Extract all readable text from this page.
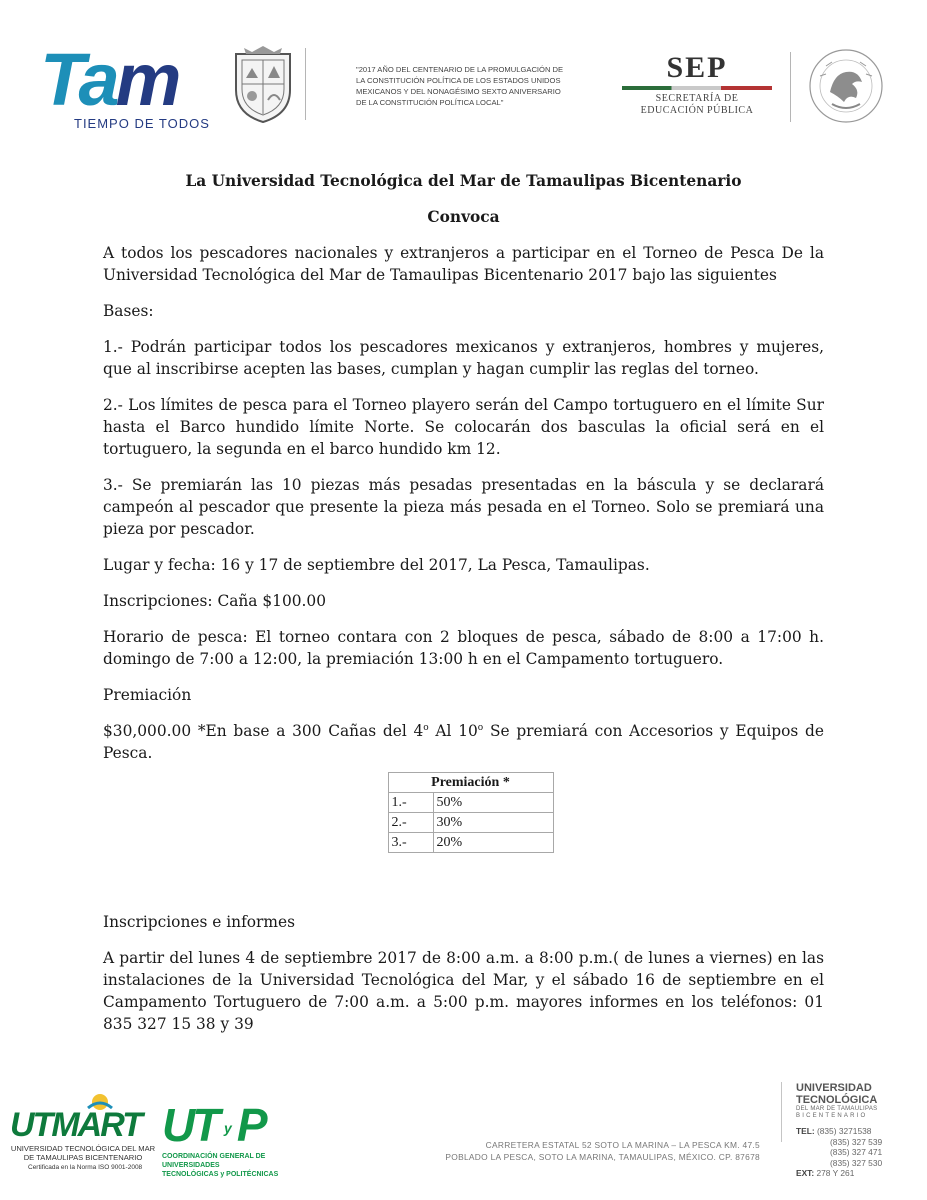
Tam
TIEMPO DE TODOS
"2017 AÑO DEL CENTENARIO DE LA PROMULGACIÓN DE
LA CONSTITUCIÓN POLÍTICA DE LOS ESTADOS UNIDOS
MEXICANOS Y DEL NONAGÉSIMO SEXTO ANIVERSARIO
DE LA CONSTITUCIÓN POLÍTICA LOCAL"
SEP
SECRETARÍA DE
EDUCACIÓN PÚBLICA

La Universidad Tecnológica del Mar de Tamaulipas Bicentenario

Convoca

A todos los pescadores nacionales y extranjeros a participar en el Torneo de Pesca De la Universidad Tecnológica del Mar de Tamaulipas Bicentenario 2017 bajo las siguientes

Bases:

1.- Podrán participar todos los pescadores mexicanos y extranjeros, hombres y mujeres, que al inscribirse acepten las bases, cumplan y hagan cumplir las reglas del torneo.

2.- Los límites de pesca para el Torneo playero serán del Campo tortuguero en el límite Sur hasta el Barco hundido límite Norte. Se colocarán dos basculas la oficial será en el tortuguero, la segunda en el barco hundido km 12.

3.- Se premiarán las 10 piezas más pesadas presentadas en la báscula y se declarará campeón al pescador que presente la pieza más pesada en el Torneo. Solo se premiará una pieza por pescador.

Lugar y fecha: 16 y 17 de septiembre del 2017, La Pesca, Tamaulipas.

Inscripciones: Caña $100.00

Horario de pesca: El torneo contara con 2 bloques de pesca, sábado de 8:00 a 17:00 h. domingo de 7:00 a 12:00, la premiación 13:00 h en el Campamento tortuguero.

Premiación

$30,000.00 *En base a 300 Cañas del 4$^o$ Al 10$^o$ Se premiará con Accesorios y Equipos de Pesca.

Premiación *	
1.-	50%
2.-	30%
3.-	20%

Inscripciones e informes

A partir del lunes 4 de septiembre 2017 de 8:00 a.m. a 8:00 p.m.( de lunes a viernes) en las instalaciones de la Universidad Tecnológica del Mar, y el sábado 16 de septiembre en el Campamento Tortuguero de 7:00 a.m. a 5:00 p.m. mayores informes en los teléfonos: 01 835 327 15 38 y 39

UTMART
UNIVERSIDAD TECNOLÓGICA DEL MAR
DE TAMAULIPAS BICENTENARIO
Certificada en la Norma ISO 9001-2008
UT P
y
COORDINACIÓN GENERAL DE UNIVERSIDADES
TECNOLÓGICAS y POLITÉCNICAS
CARRETERA ESTATAL 52 SOTO LA MARINA – LA PESCA KM. 47.5
POBLADO LA PESCA, SOTO LA MARINA, TAMAULIPAS, MÉXICO. CP. 87678
UNIVERSIDAD
TECNOLÓGICA
DEL MAR DE TAMAULIPAS
BICENTENARIO
TEL: (835) 3271538
(835) 327 539
(835) 327 471
(835) 327 530
EXT: 278 Y 261
